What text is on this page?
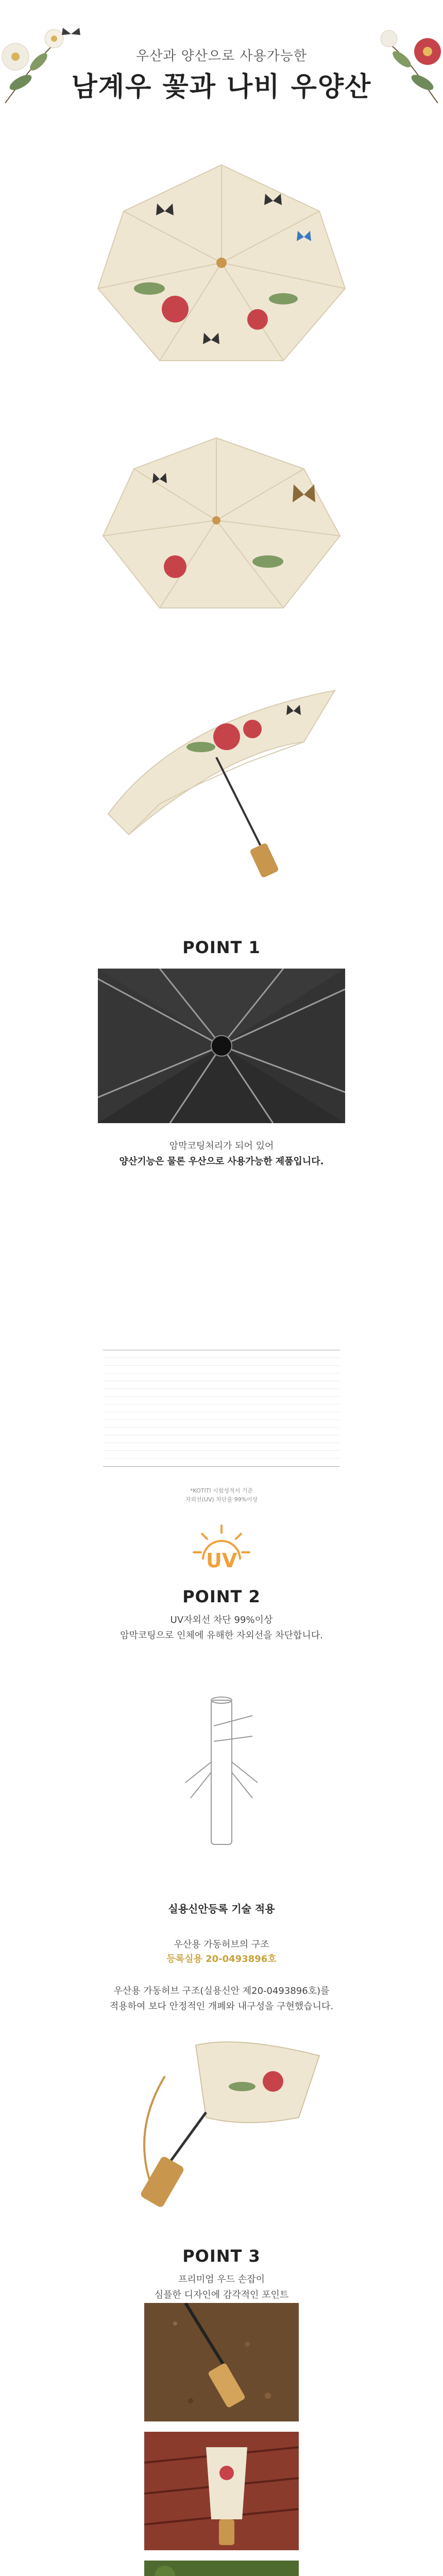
우산과 양산으로 사용가능한
남계우 꽃과 나비 우양산
POINT 1
암막코팅처리가 되어 있어
양산기능은 물론 우산으로 사용가능한 제품입니다.
*KOTITI 시험성적서 기준
자외선(UV) 차단율 99%이상
UV
POINT 2
UV자외선 차단 99%이상
암막코팅으로 인체에 유해한 자외선을 차단합니다.
실용신안등록 기술 적용
우산용 가동허브의 구조
등록실용 20-0493896호
우산용 가동허브 구조(실용신안 제20-0493896호)를
적용하여 보다 안정적인 개폐와 내구성을 구현했습니다.
POINT 3
프리미엄 우드 손잡이
심플한 디자인에 감각적인 포인트
